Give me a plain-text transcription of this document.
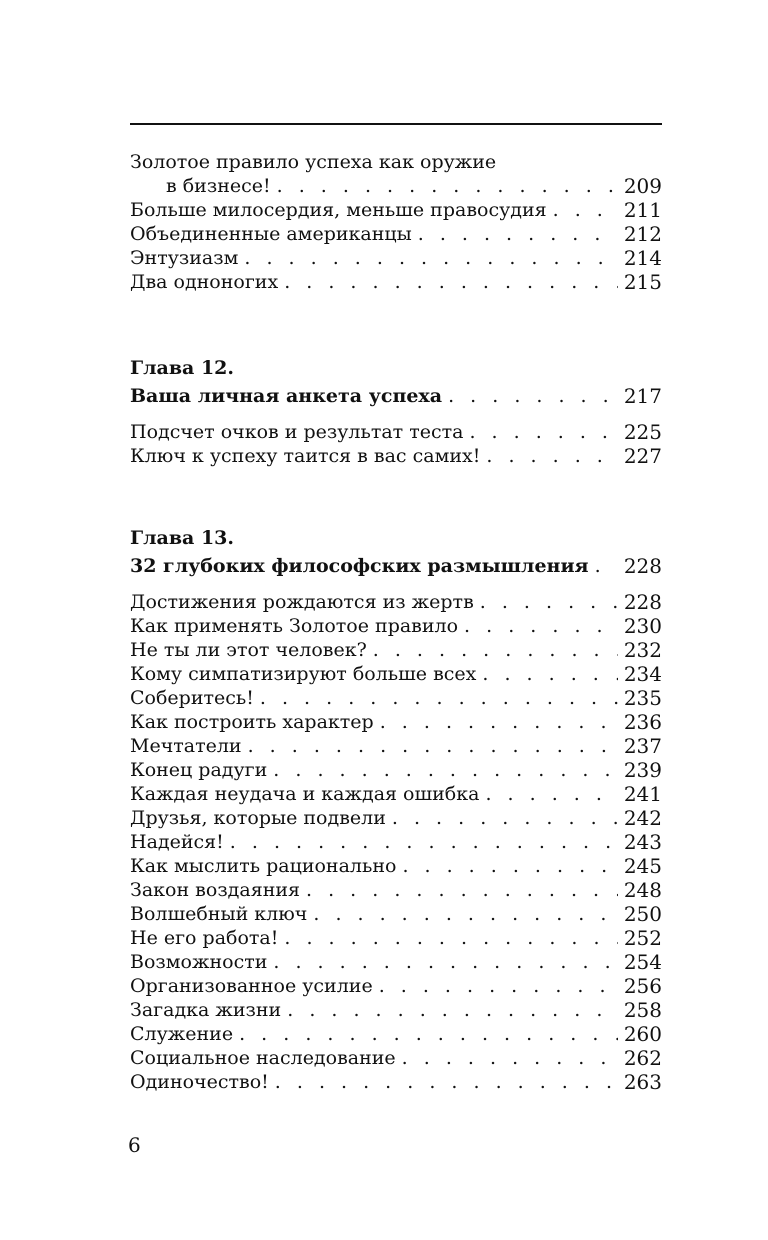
Золотое правило успеха как оружие
в бизнесе! . . .	209
Больше милосердия, меньше правосудия . . .	211
Объединенные американцы . . .	212
Энтузиазм . . .	214
Два одноногих . . .	215
Глава 12.
Ваша личная анкета успеха . . .	217
Подсчет очков и результат теста . . .	225
Ключ к успеху таится в вас самих! . . .	227
Глава 13.
32 глубоких философских размышления . . . 228
Достижения рождаются из жертв . . .	228
Как применять Золотое правило . . .	230
Не ты ли этот человек? . . .	232
Кому симпатизируют больше всех . . .	234
Соберитесь! . . .	235
Как построить характер . . .	236
Мечтатели . . .	237
Конец радуги . . .	239
Каждая неудача и каждая ошибка . . .	241
Друзья, которые подвели . . .	242
Надейся! . . .	243
Как мыслить рационально . . .	245
Закон воздаяния . . .	248
Волшебный ключ . . .	250
Не его работа! . . .	252
Возможности . . .	254
Организованное усилие . . .	256
Загадка жизни . . .	258
Служение . . .	260
Социальное наследование . . .	262
Одиночество! . . .	263
6
